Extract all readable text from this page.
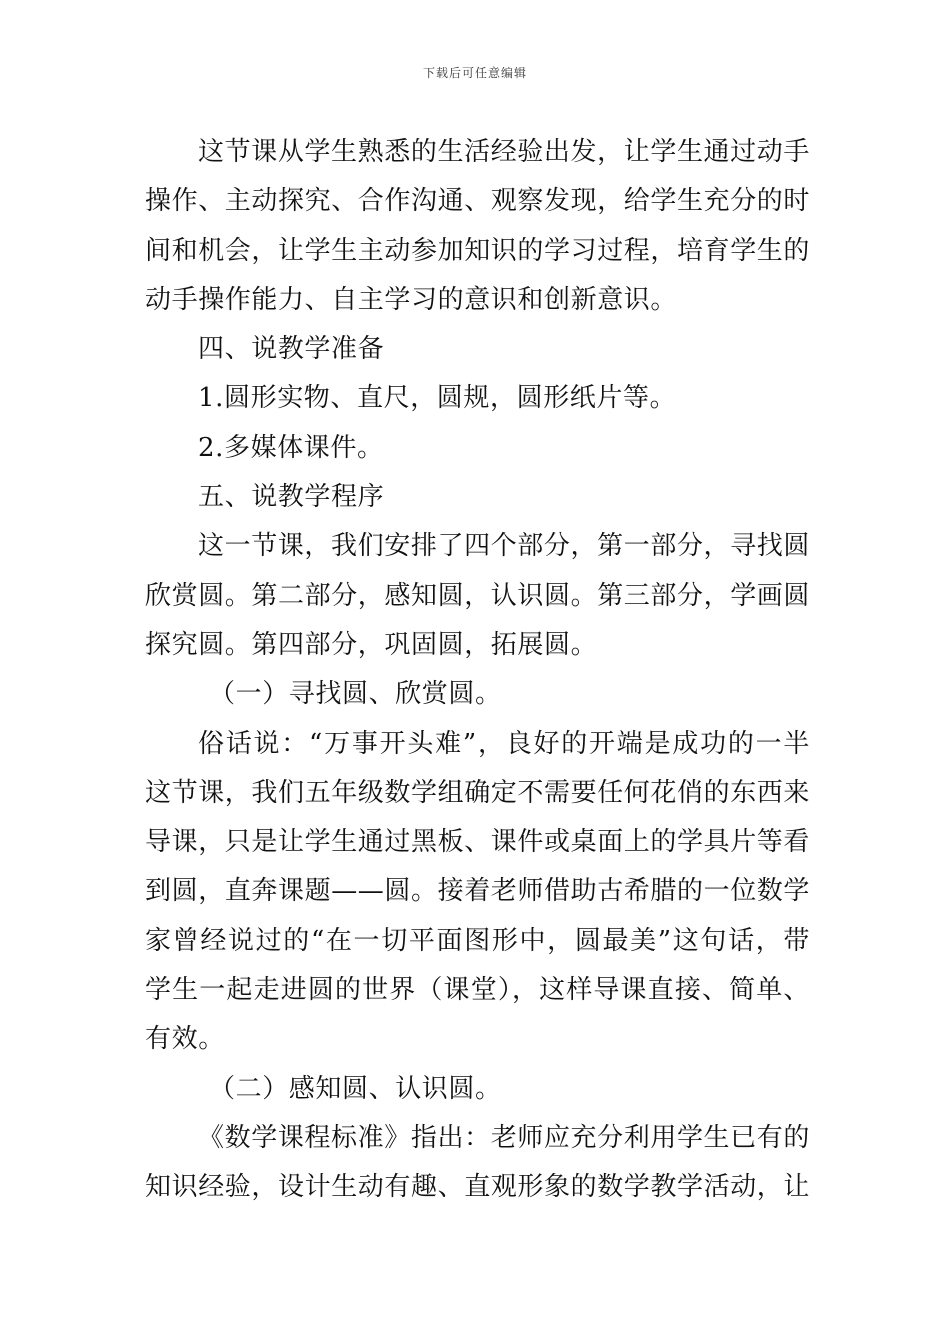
下载后可任意编辑

这节课从学生熟悉的生活经验出发，让学生通过动手操作、主动探究、合作沟通、观察发现，给学生充分的时间和机会，让学生主动参加知识的学习过程，培育学生的动手操作能力、自主学习的意识和创新意识。

四、说教学准备

1.圆形实物、直尺，圆规，圆形纸片等。

2.多媒体课件。

五、说教学程序

这一节课，我们安排了四个部分，第一部分，寻找圆欣赏圆。第二部分，感知圆，认识圆。第三部分，学画圆探究圆。第四部分，巩固圆，拓展圆。

（一）寻找圆、欣赏圆。

俗话说：“万事开头难”，良好的开端是成功的一半这节课，我们五年级数学组确定不需要任何花俏的东西来导课，只是让学生通过黑板、课件或桌面上的学具片等看到圆，直奔课题——圆。接着老师借助古希腊的一位数学家曾经说过的“在一切平面图形中，圆最美”这句话，带学生一起走进圆的世界（课堂），这样导课直接、简单、有效。

（二）感知圆、认识圆。

《数学课程标准》指出：老师应充分利用学生已有的知识经验，设计生动有趣、直观形象的数学教学活动，让
